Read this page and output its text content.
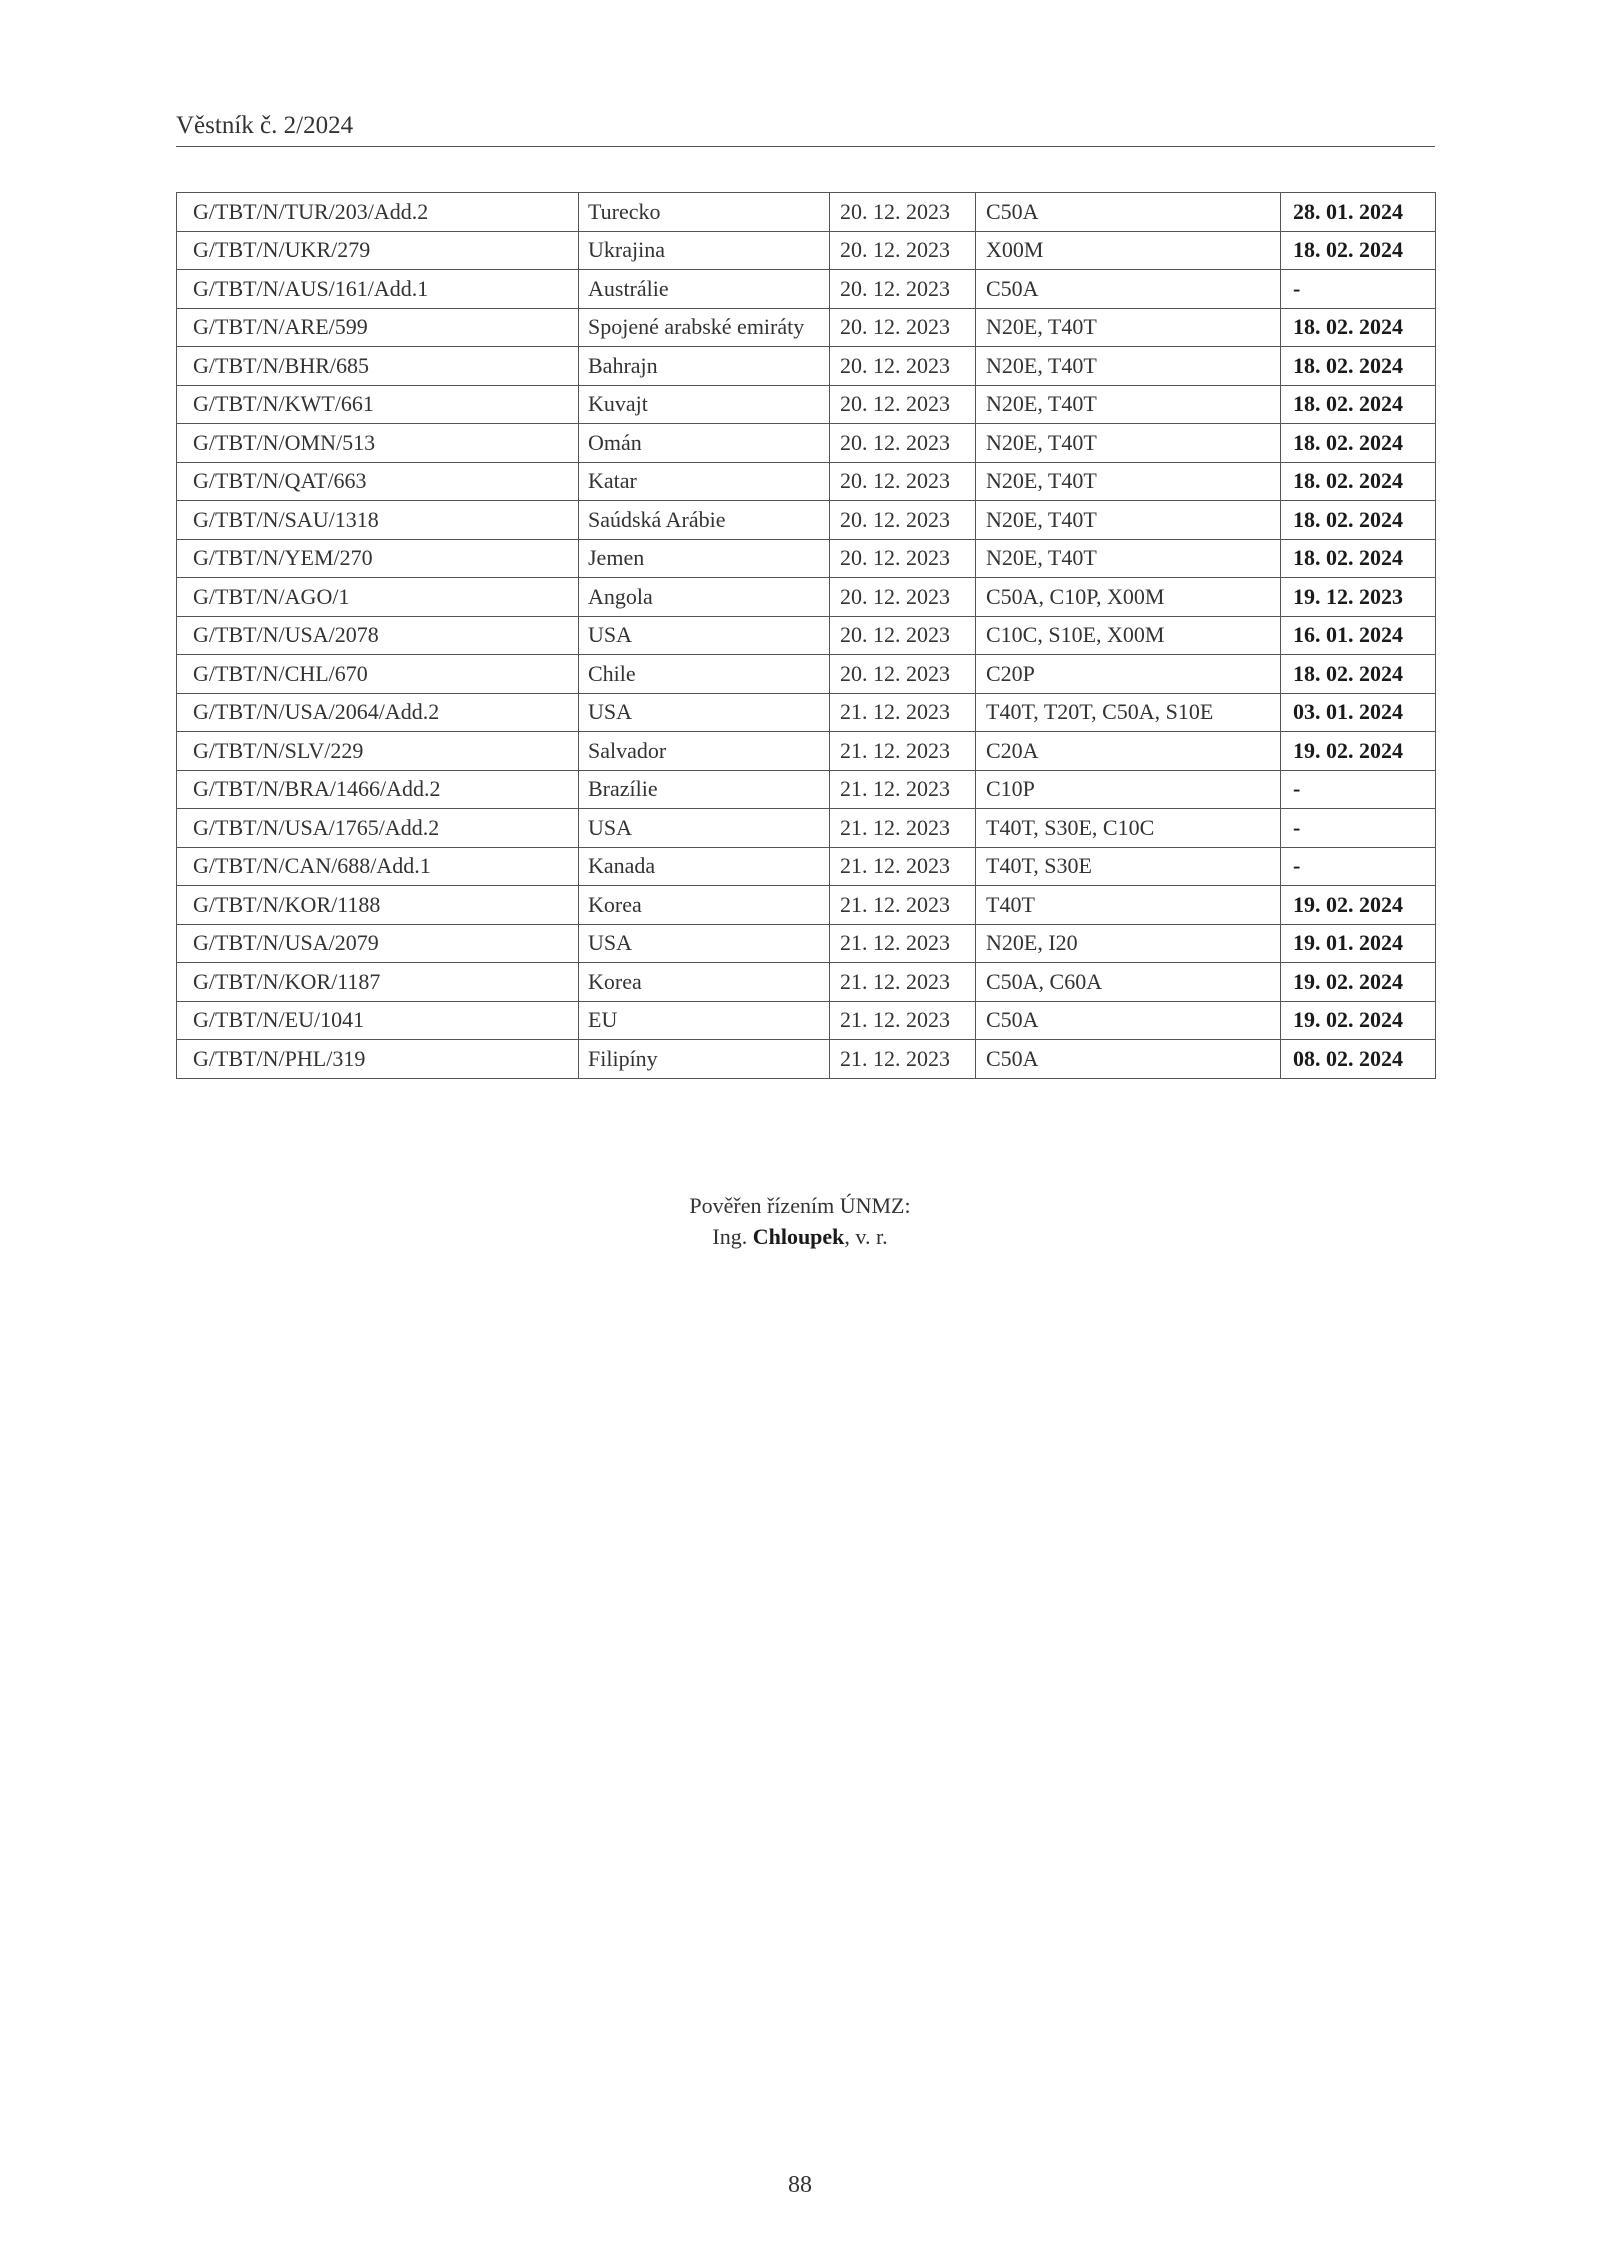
Věstník č. 2/2024
G/TBT/N/TUR/203/Add.2	Turecko	20. 12. 2023	C50A	28. 01. 2024
G/TBT/N/UKR/279	Ukrajina	20. 12. 2023	X00M	18. 02. 2024
G/TBT/N/AUS/161/Add.1	Austrálie	20. 12. 2023	C50A	-
G/TBT/N/ARE/599	Spojené arabské emiráty	20. 12. 2023	N20E, T40T	18. 02. 2024
G/TBT/N/BHR/685	Bahrajn	20. 12. 2023	N20E, T40T	18. 02. 2024
G/TBT/N/KWT/661	Kuvajt	20. 12. 2023	N20E, T40T	18. 02. 2024
G/TBT/N/OMN/513	Omán	20. 12. 2023	N20E, T40T	18. 02. 2024
G/TBT/N/QAT/663	Katar	20. 12. 2023	N20E, T40T	18. 02. 2024
G/TBT/N/SAU/1318	Saúdská Arábie	20. 12. 2023	N20E, T40T	18. 02. 2024
G/TBT/N/YEM/270	Jemen	20. 12. 2023	N20E, T40T	18. 02. 2024
G/TBT/N/AGO/1	Angola	20. 12. 2023	C50A, C10P, X00M	19. 12. 2023
G/TBT/N/USA/2078	USA	20. 12. 2023	C10C, S10E, X00M	16. 01. 2024
G/TBT/N/CHL/670	Chile	20. 12. 2023	C20P	18. 02. 2024
G/TBT/N/USA/2064/Add.2	USA	21. 12. 2023	T40T, T20T, C50A, S10E	03. 01. 2024
G/TBT/N/SLV/229	Salvador	21. 12. 2023	C20A	19. 02. 2024
G/TBT/N/BRA/1466/Add.2	Brazílie	21. 12. 2023	C10P	-
G/TBT/N/USA/1765/Add.2	USA	21. 12. 2023	T40T, S30E, C10C	-
G/TBT/N/CAN/688/Add.1	Kanada	21. 12. 2023	T40T, S30E	-
G/TBT/N/KOR/1188	Korea	21. 12. 2023	T40T	19. 02. 2024
G/TBT/N/USA/2079	USA	21. 12. 2023	N20E, I20	19. 01. 2024
G/TBT/N/KOR/1187	Korea	21. 12. 2023	C50A, C60A	19. 02. 2024
G/TBT/N/EU/1041	EU	21. 12. 2023	C50A	19. 02. 2024
G/TBT/N/PHL/319	Filipíny	21. 12. 2023	C50A	08. 02. 2024
Pověřen řízením ÚNMZ:
Ing. Chloupek, v. r.
88
